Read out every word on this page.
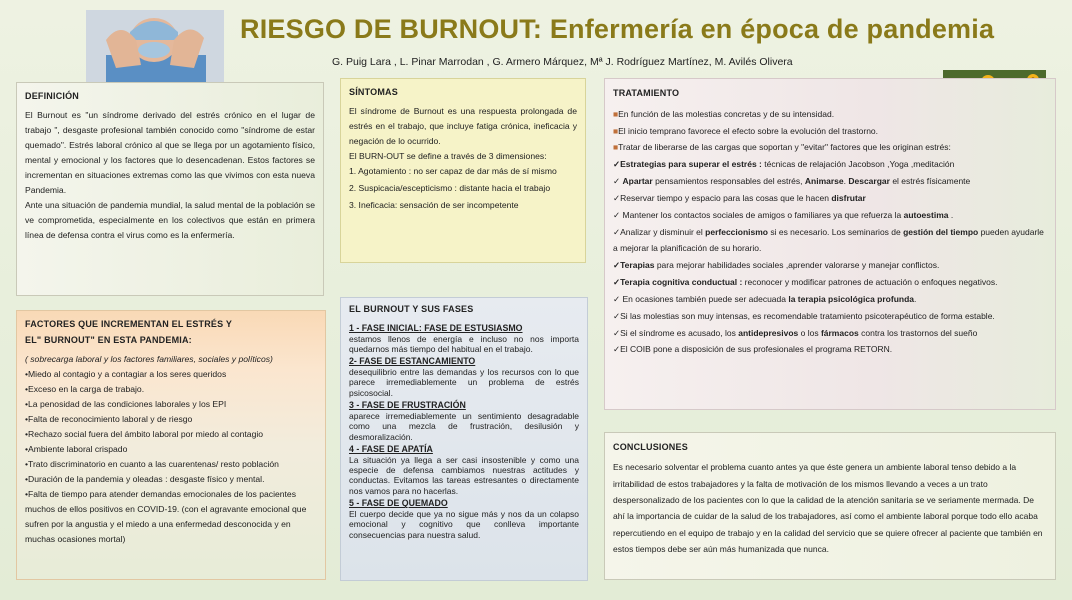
RIESGO DE BURNOUT: Enfermería en época de pandemia
G. Puig Lara , L. Pinar Marrodan , G. Armero Márquez, Mª J. Rodríguez Martínez, M. Avilés Olivera
DEFINICIÓN
El Burnout es "un síndrome derivado del estrés crónico en el lugar de trabajo ", desgaste profesional también conocido como "síndrome de estar quemado". Estrés laboral crónico al que se llega por un agotamiento físico, mental y emocional y los factores que lo desencadenan. Estos factores se incrementan en situaciones extremas como las que vivimos con esta nueva Pandemia.
Ante una situación de pandemia mundial, la salud mental de la población se ve comprometida, especialmente en los colectivos que están en primera línea de defensa contra el virus como es la enfermería.
SÍNTOMAS
El síndrome de Burnout es una respuesta prolongada de estrés en el trabajo, que incluye fatiga crónica, ineficacia y negación de lo ocurrido.
El BURN-OUT se define a través de 3 dimensiones:
1. Agotamiento : no ser capaz de dar más de sí mismo
2. Suspicacia/escepticismo : distante hacia el trabajo
3. Ineficacia: sensación de ser incompetente
FACTORES QUE INCREMENTAN EL ESTRÉS Y
EL" BURNOUT" EN ESTA PANDEMIA:
( sobrecarga laboral y los factores familiares, sociales y políticos)
•Miedo al contagio y a contagiar a los seres queridos
•Exceso en la carga de trabajo.
•La penosidad de las condiciones laborales y los EPI
•Falta de reconocimiento laboral y de riesgo
•Rechazo social fuera del ámbito laboral por miedo al contagio
•Ambiente laboral crispado
•Trato discriminatorio en cuanto a las cuarentenas/ resto población
•Duración de la pandemia y oleadas : desgaste físico y mental.
•Falta de tiempo para atender demandas emocionales de los pacientes muchos de ellos positivos en COVID-19. (con el agravante emocional que sufren por la angustia y el miedo a una enfermedad desconocida y en muchas ocasiones mortal)
EL BURNOUT Y SUS FASES
1 - FASE INICIAL: FASE DE ESTUSIASMO
estamos llenos de energía e incluso no nos importa quedarnos más tiempo del habitual en el trabajo.
2- FASE DE ESTANCAMIENTO
desequilibrio entre las demandas y los recursos con lo que parece irremediablemente un problema de estrés psicosocial.
3 - FASE DE FRUSTRACIÓN
aparece irremediablemente un sentimiento desagradable como una mezcla de frustración, desilusión y desmoralización.
4 - FASE DE APATÍA
La situación ya llega a ser casi insostenible y como una especie de defensa cambiamos nuestras actitudes y conductas. Evitamos las tareas estresantes o directamente nos vamos para no hacerlas.
5 - FASE DE QUEMADO
El cuerpo decide que ya no sigue más y nos da un colapso emocional y cognitivo que conlleva importante consecuencias para nuestra salud.
TRATAMIENTO
■En función de las molestias concretas y de su intensidad.
■El inicio temprano favorece el efecto sobre la evolución del trastorno.
■Tratar de liberarse de las cargas que soportan y "evitar" factores que les originan estrés:
✓Estrategias para superar el estrés : técnicas de relajación Jacobson ,Yoga ,meditación
✓ Apartar pensamientos responsables del estrés, Animarse. Descargar el estrés físicamente
✓Reservar tiempo y espacio para las cosas que le hacen disfrutar
✓ Mantener los contactos sociales de amigos o familiares ya que refuerza la autoestima .
✓Analizar y disminuir el perfeccionismo si es necesario. Los seminarios de gestión del tiempo pueden ayudarle a mejorar la planificación de su horario.
✓Terapias para mejorar habilidades sociales ,aprender valorarse y manejar conflictos.
✓Terapia cognitiva conductual : reconocer y modificar patrones de actuación o enfoques negativos.
✓ En ocasiones también puede ser adecuada la terapia psicológica profunda.
✓Si las molestias son muy intensas, es recomendable tratamiento psicoterapéutico de forma estable.
✓Si el síndrome es acusado, los antidepresivos o los fármacos contra los trastornos del sueño
✓El COIB pone a disposición de sus profesionales el programa RETORN.
CONCLUSIONES
Es necesario solventar el problema cuanto antes ya que éste genera un ambiente laboral tenso debido a la irritabilidad de estos trabajadores y la falta de motivación de los mismos llevando a veces a un trato despersonalizado de los pacientes con lo que la calidad de la atención sanitaria se ve seriamente mermada. De ahí la importancia de cuidar de la salud de los trabajadores, así como el ambiente laboral porque todo ello acaba repercutiendo en el equipo de trabajo y en la calidad del servicio que se quiere ofrecer al paciente que también en estos tiempos debe ser aún más humanizada que nunca.
